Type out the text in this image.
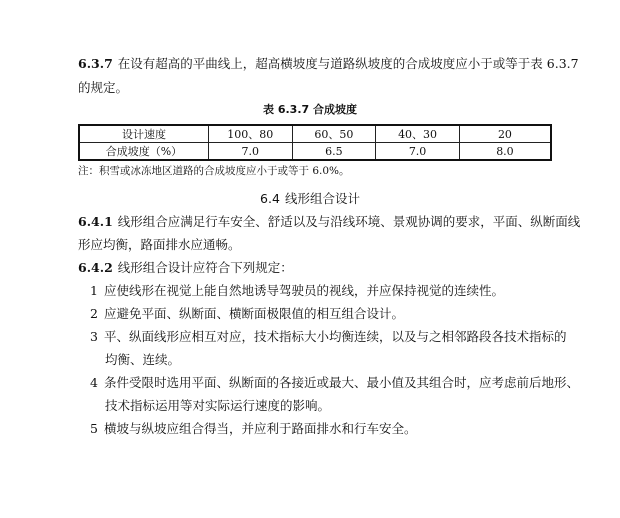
6.3.7 在设有超高的平曲线上，超高横坡度与道路纵坡度的合成坡度应小于或等于表 6.3.7
的规定。
表 6.3.7 合成坡度
设计速度	100、80	60、50	40、30	20
合成坡度（%）	7.0	6.5	7.0	8.0
注：积雪或冰冻地区道路的合成坡度应小于或等于 6.0%。
6.4 线形组合设计
6.4.1 线形组合应满足行车安全、舒适以及与沿线环境、景观协调的要求，平面、纵断面线
形应均衡，路面排水应通畅。
6.4.2 线形组合设计应符合下列规定：
1 应使线形在视觉上能自然地诱导驾驶员的视线，并应保持视觉的连续性。
2 应避免平面、纵断面、横断面极限值的相互组合设计。
3 平、纵面线形应相互对应，技术指标大小均衡连续，以及与之相邻路段各技术指标的
均衡、连续。
4 条件受限时选用平面、纵断面的各接近或最大、最小值及其组合时，应考虑前后地形、
技术指标运用等对实际运行速度的影响。
5 横坡与纵坡应组合得当，并应利于路面排水和行车安全。
